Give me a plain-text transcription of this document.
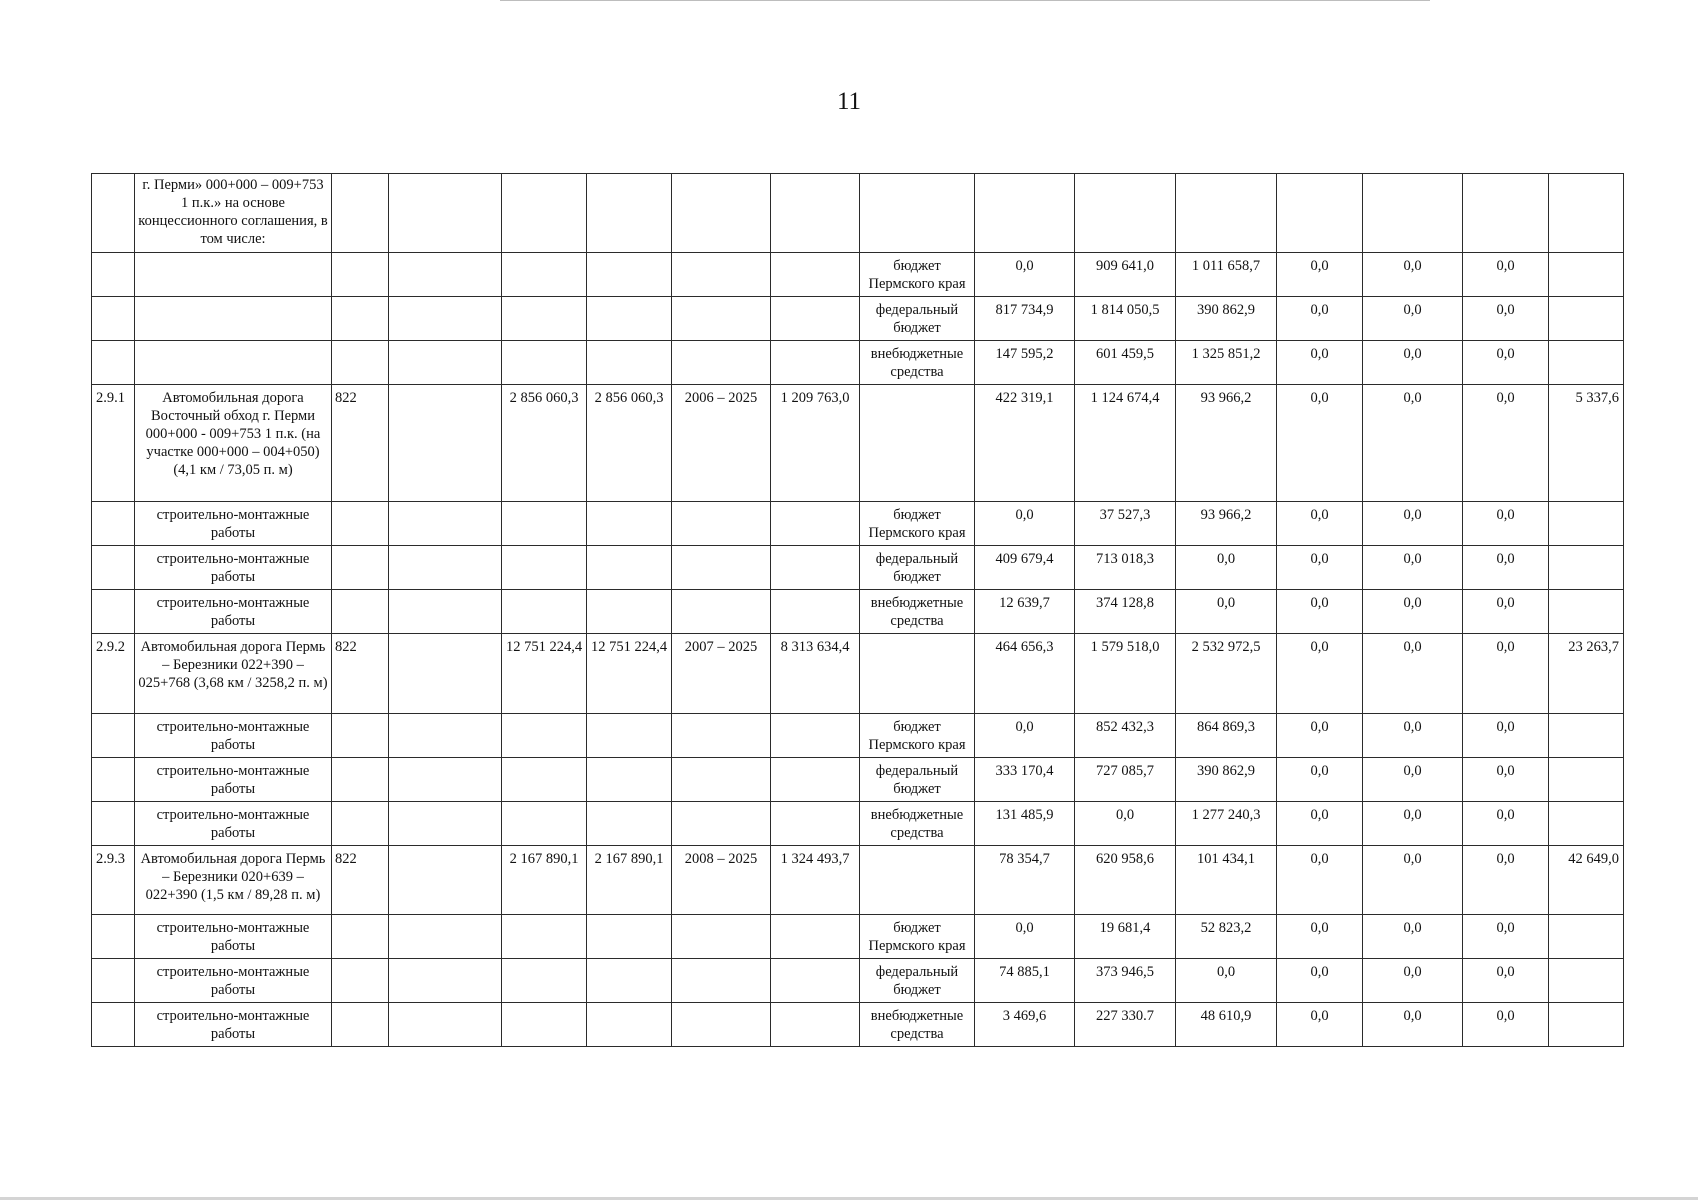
11
	г. Перми» 000+000 – 009+753 1 п.к.» на основе концессионного соглашения, в том числе:														
								бюджет Пермского края	0,0	909 641,0	1 011 658,7	0,0	0,0	0,0	
								федеральный бюджет	817 734,9	1 814 050,5	390 862,9	0,0	0,0	0,0	
								внебюджетные средства	147 595,2	601 459,5	1 325 851,2	0,0	0,0	0,0	
2.9.1	Автомобильная дорога Восточный обход г. Перми 000+000 - 009+753 1 п.к. (на участке 000+000 – 004+050) (4,1 км / 73,05 п. м)	822		2 856 060,3	2 856 060,3	2006 – 2025	1 209 763,0		422 319,1	1 124 674,4	93 966,2	0,0	0,0	0,0	5 337,6
	строительно-монтажные работы							бюджет Пермского края	0,0	37 527,3	93 966,2	0,0	0,0	0,0	
	строительно-монтажные работы							федеральный бюджет	409 679,4	713 018,3	0,0	0,0	0,0	0,0	
	строительно-монтажные работы							внебюджетные средства	12 639,7	374 128,8	0,0	0,0	0,0	0,0	
2.9.2	Автомобильная дорога Пермь – Березники 022+390 – 025+768 (3,68 км / 3258,2 п. м)	822		12 751 224,4	12 751 224,4	2007 – 2025	8 313 634,4		464 656,3	1 579 518,0	2 532 972,5	0,0	0,0	0,0	23 263,7
	строительно-монтажные работы							бюджет Пермского края	0,0	852 432,3	864 869,3	0,0	0,0	0,0	
	строительно-монтажные работы							федеральный бюджет	333 170,4	727 085,7	390 862,9	0,0	0,0	0,0	
	строительно-монтажные работы							внебюджетные средства	131 485,9	0,0	1 277 240,3	0,0	0,0	0,0	
2.9.3	Автомобильная дорога Пермь – Березники 020+639 – 022+390 (1,5 км / 89,28 п. м)	822		2 167 890,1	2 167 890,1	2008 – 2025	1 324 493,7		78 354,7	620 958,6	101 434,1	0,0	0,0	0,0	42 649,0
	строительно-монтажные работы							бюджет Пермского края	0,0	19 681,4	52 823,2	0,0	0,0	0,0	
	строительно-монтажные работы							федеральный бюджет	74 885,1	373 946,5	0,0	0,0	0,0	0,0	
	строительно-монтажные работы							внебюджетные средства	3 469,6	227 330.7	48 610,9	0,0	0,0	0,0	
